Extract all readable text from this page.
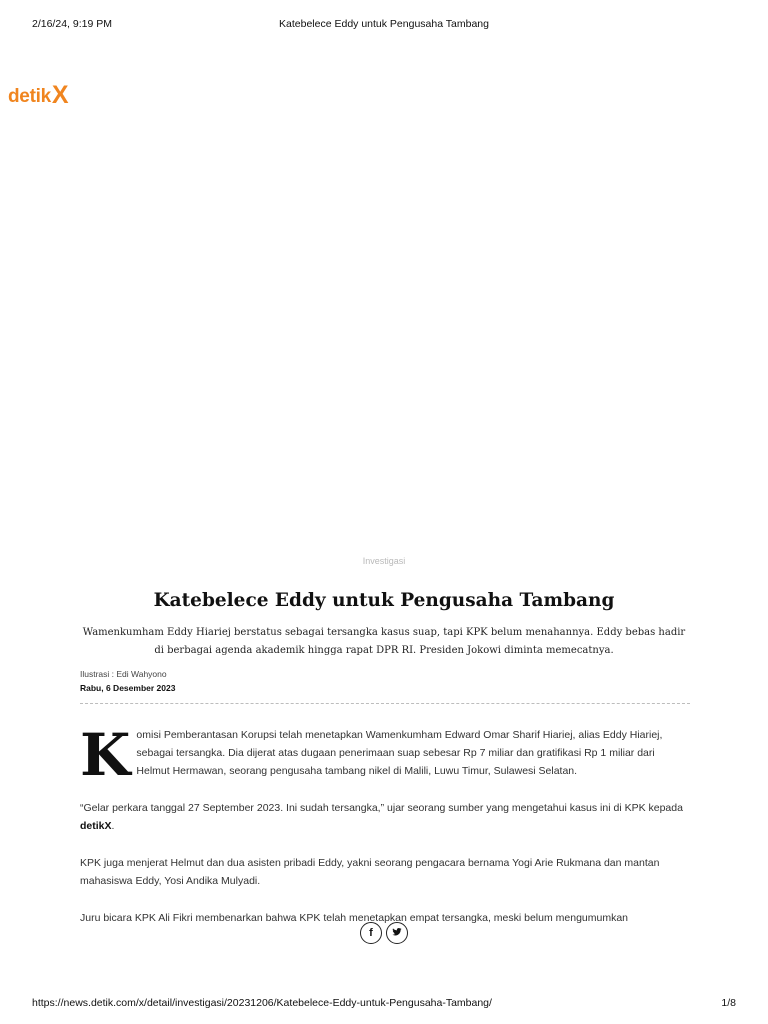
2/16/24, 9:19 PM	Katebelece Eddy untuk Pengusaha Tambang
detikX
Investigasi
Katebelece Eddy untuk Pengusaha Tambang

Wamenkumham Eddy Hiariej berstatus sebagai tersangka kasus suap, tapi KPK belum menahannya. Eddy bebas hadir di berbagai agenda akademik hingga rapat DPR RI. Presiden Jokowi diminta memecatnya.

Ilustrasi : Edi Wahyono
Rabu, 6 Desember 2023

Komisi Pemberantasan Korupsi telah menetapkan Wamenkumham Edward Omar Sharif Hiariej, alias Eddy Hiariej, sebagai tersangka. Dia dijerat atas dugaan penerimaan suap sebesar Rp 7 miliar dan gratifikasi Rp 1 miliar dari Helmut Hermawan, seorang pengusaha tambang nikel di Malili, Luwu Timur, Sulawesi Selatan.

“Gelar perkara tanggal 27 September 2023. Ini sudah tersangka,” ujar seorang sumber yang mengetahui kasus ini di KPK kepada detikX.

KPK juga menjerat Helmut dan dua asisten pribadi Eddy, yakni seorang pengacara bernama Yogi Arie Rukmana dan mantan mahasiswa Eddy, Yosi Andika Mulyadi.

Juru bicara KPK Ali Fikri membenarkan bahwa KPK telah menetapkan empat tersangka, meski belum mengumumkan

f
https://news.detik.com/x/detail/investigasi/20231206/Katebelece-Eddy-untuk-Pengusaha-Tambang/	1/8
